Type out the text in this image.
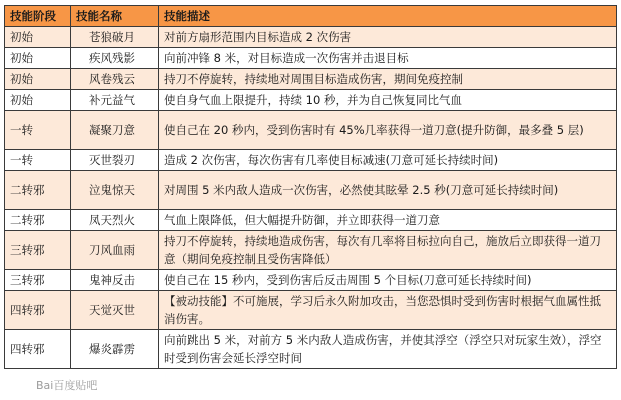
技能阶段	技能名称	技能描述
初始	苍狼破月	对前方扇形范围内目标造成 2 次伤害
初始	疾风残影	向前冲锋 8 米，对目标造成一次伤害并击退目标
初始	风卷残云	持刀不停旋转，持续地对周围目标造成伤害，期间免疫控制
初始	补元益气	使自身气血上限提升，持续 10 秒，并为自己恢复同比气血
一转	凝聚刀意	使自己在 20 秒内，受到伤害时有 45%几率获得一道刀意(提升防御，最多叠 5 层)
一转	灭世裂刃	造成 2 次伤害，每次伤害有几率使目标减速(刀意可延长持续时间)
二转邪	泣鬼惊天	对周围 5 米内敌人造成一次伤害，必然使其眩晕 2.5 秒(刀意可延长持续时间)
二转邪	凤天烈火	气血上限降低，但大幅提升防御，并立即获得一道刀意
三转邪	刀风血雨	持刀不停旋转，持续地造成伤害，每次有几率将目标拉向自己，施放后立即获得一道刀意（期间免疫控制且受伤害降低）
三转邪	鬼神反击	使自己在 15 秒内，受到伤害后反击周围 5 个目标(刀意可延长持续时间)
四转邪	天觉灭世	【被动技能】不可施展，学习后永久附加攻击，当您恐惧时受到伤害时根据气血属性抵消伤害。
四转邪	爆炎霹雳	向前跳出 5 米，对前方 5 米内敌人造成伤害，并使其浮空（浮空只对玩家生效），浮空时受到伤害会延长浮空时间
Bai百度贴吧
